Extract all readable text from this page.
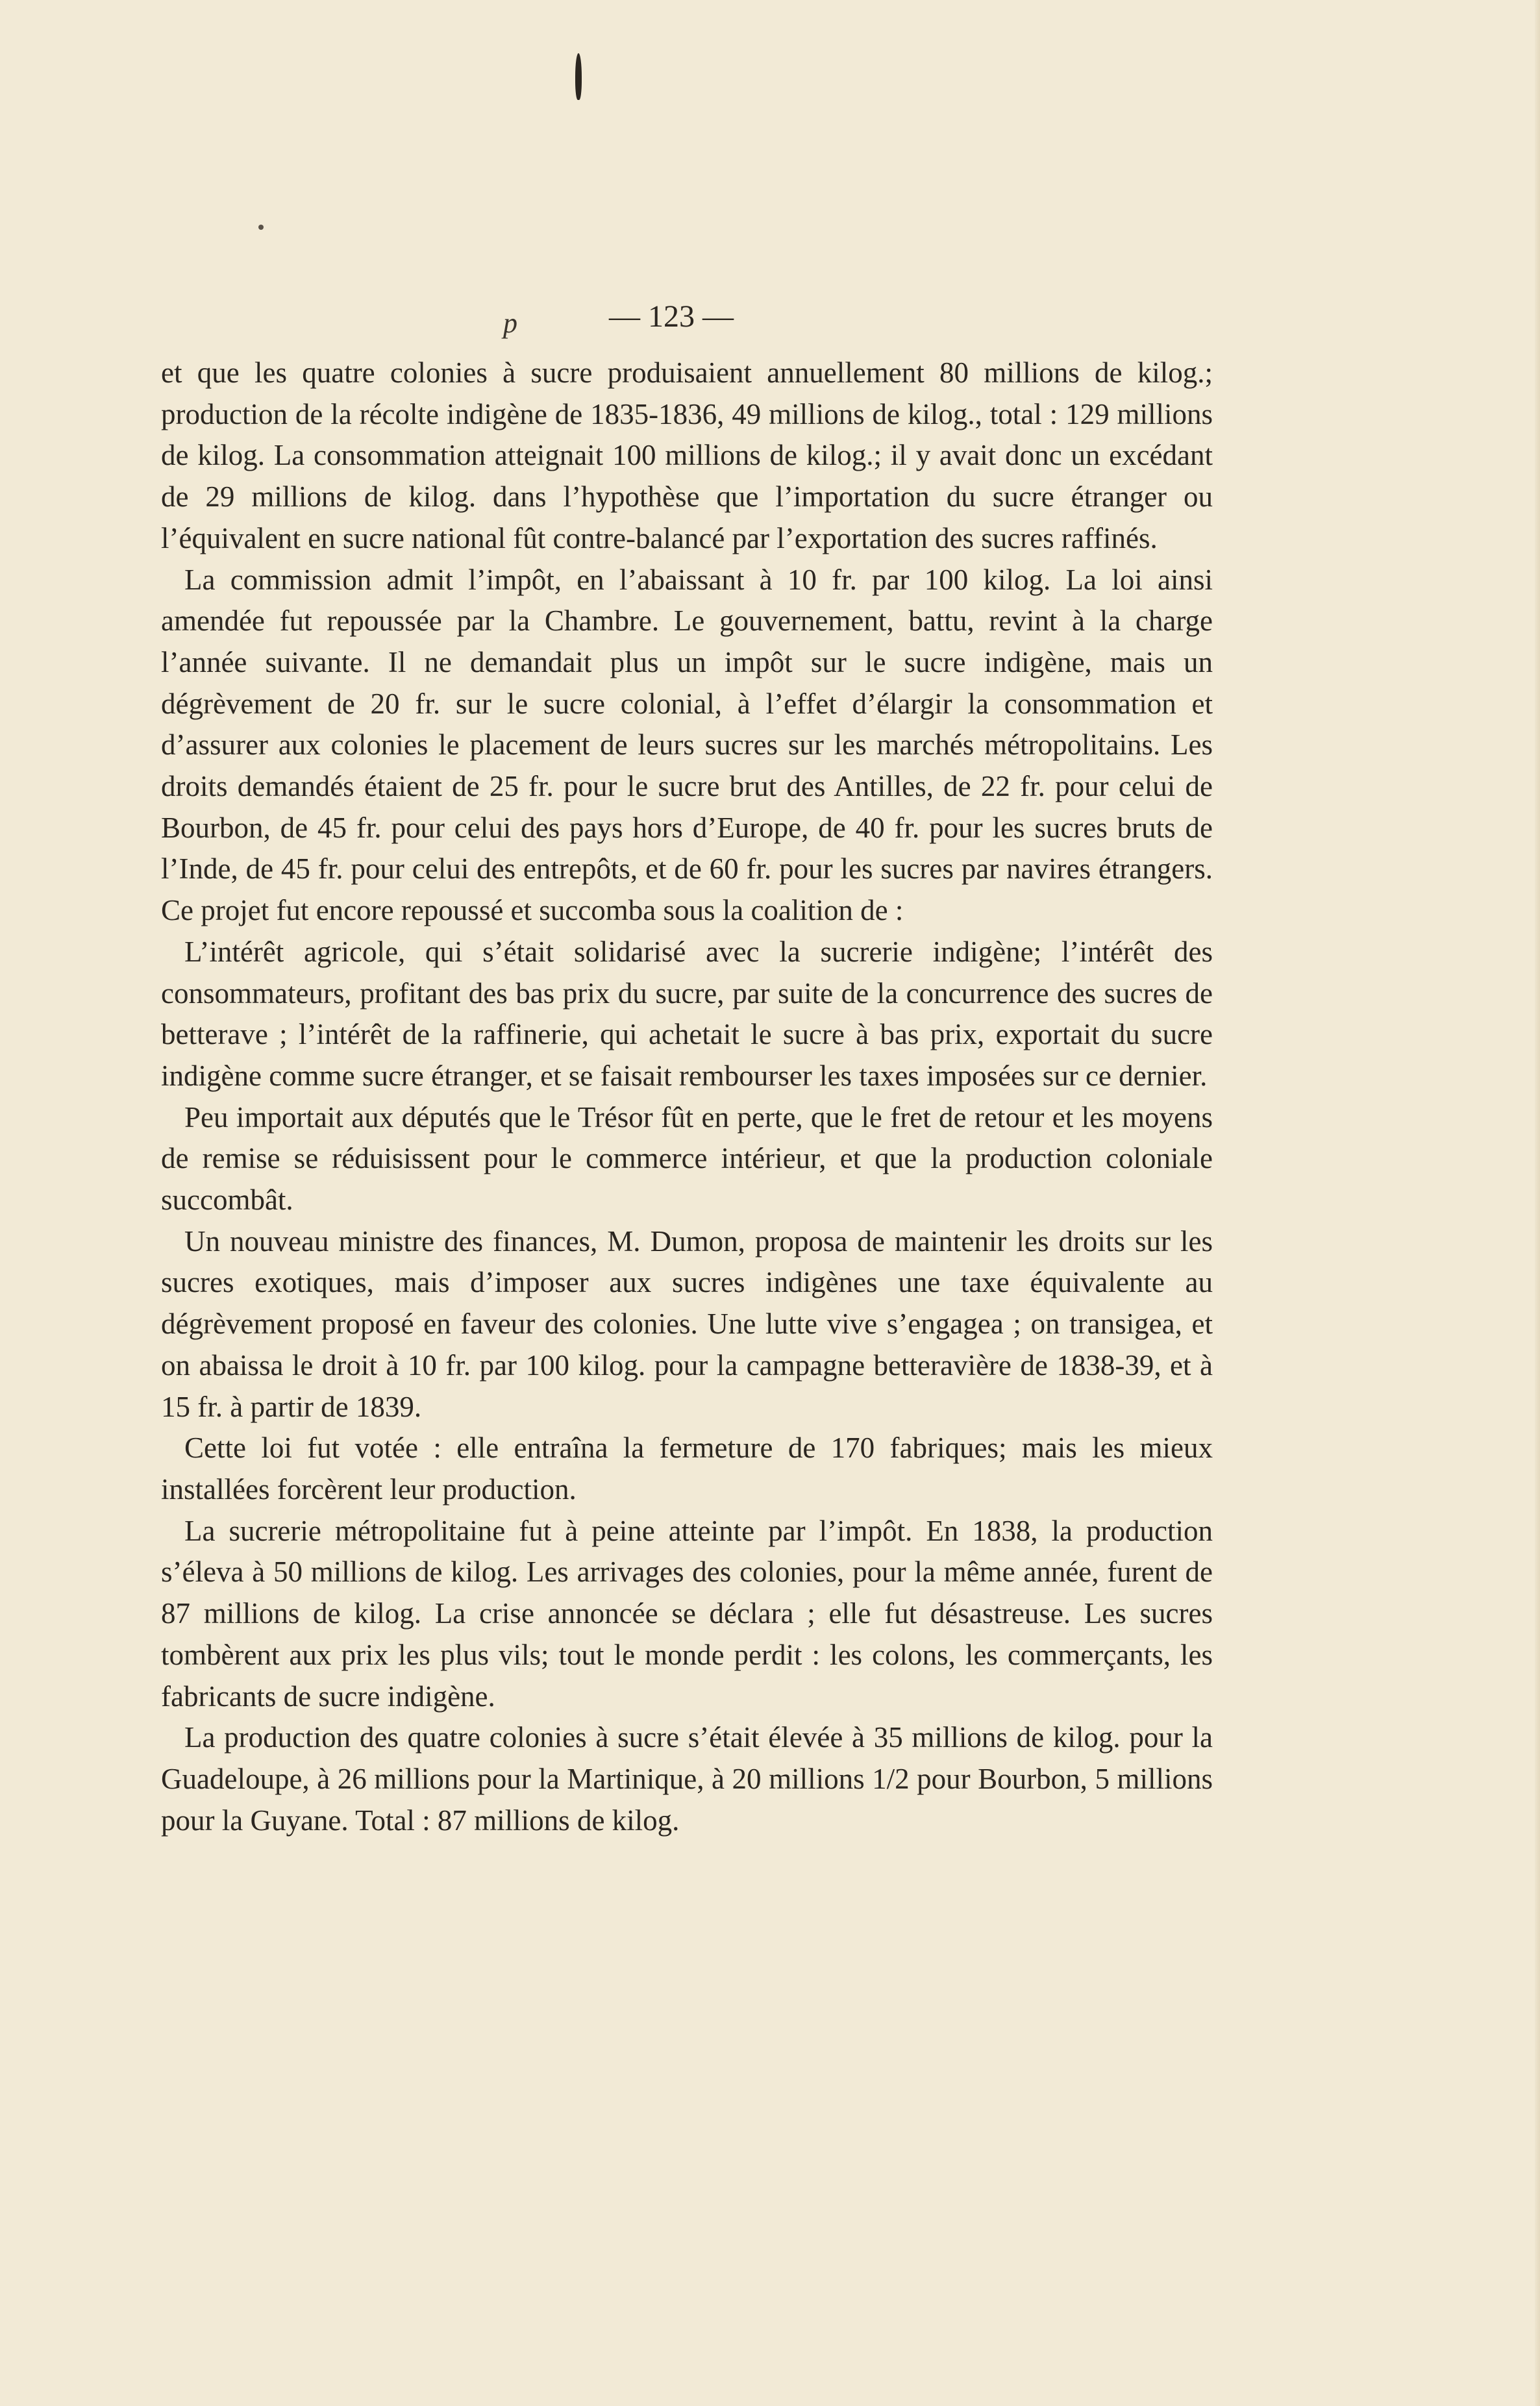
p	— 123 —

et que les quatre colonies à sucre produisaient annuellement 80 millions de kilog.; production de la récolte indigène de 1835-1836, 49 millions de kilog., total : 129 millions de kilog. La consommation atteignait 100 millions de kilog.; il y avait donc un excédant de 29 millions de kilog. dans l’hypothèse que l’importation du sucre étranger ou l’équivalent en sucre national fût contre-balancé par l’exportation des sucres raffinés.

La commission admit l’impôt, en l’abaissant à 10 fr. par 100 kilog. La loi ainsi amendée fut repoussée par la Chambre. Le gouvernement, battu, revint à la charge l’année suivante. Il ne demandait plus un impôt sur le sucre indigène, mais un dégrèvement de 20 fr. sur le sucre colonial, à l’effet d’élargir la consommation et d’assurer aux colonies le placement de leurs sucres sur les marchés métropolitains. Les droits demandés étaient de 25 fr. pour le sucre brut des Antilles, de 22 fr. pour celui de Bourbon, de 45 fr. pour celui des pays hors d’Europe, de 40 fr. pour les sucres bruts de l’Inde, de 45 fr. pour celui des entrepôts, et de 60 fr. pour les sucres par navires étrangers. Ce projet fut encore repoussé et succomba sous la coalition de :

L’intérêt agricole, qui s’était solidarisé avec la sucrerie indigène; l’intérêt des consommateurs, profitant des bas prix du sucre, par suite de la concurrence des sucres de betterave ; l’intérêt de la raffinerie, qui achetait le sucre à bas prix, exportait du sucre indigène comme sucre étranger, et se faisait rembourser les taxes imposées sur ce dernier.

Peu importait aux députés que le Trésor fût en perte, que le fret de retour et les moyens de remise se réduisissent pour le commerce intérieur, et que la production coloniale succombât.

Un nouveau ministre des finances, M. Dumon, proposa de maintenir les droits sur les sucres exotiques, mais d’imposer aux sucres indigènes une taxe équivalente au dégrèvement proposé en faveur des colonies. Une lutte vive s’engagea ; on transigea, et on abaissa le droit à 10 fr. par 100 kilog. pour la campagne betteravière de 1838-39, et à 15 fr. à partir de 1839.

Cette loi fut votée : elle entraîna la fermeture de 170 fabriques; mais les mieux installées forcèrent leur production.

La sucrerie métropolitaine fut à peine atteinte par l’impôt. En 1838, la production s’éleva à 50 millions de kilog. Les arrivages des colonies, pour la même année, furent de 87 millions de kilog. La crise annoncée se déclara ; elle fut désastreuse. Les sucres tombèrent aux prix les plus vils; tout le monde perdit : les colons, les commerçants, les fabricants de sucre indigène.

La production des quatre colonies à sucre s’était élevée à 35 millions de kilog. pour la Guadeloupe, à 26 millions pour la Martinique, à 20 millions 1/2 pour Bourbon, 5 millions pour la Guyane. Total : 87 millions de kilog.
